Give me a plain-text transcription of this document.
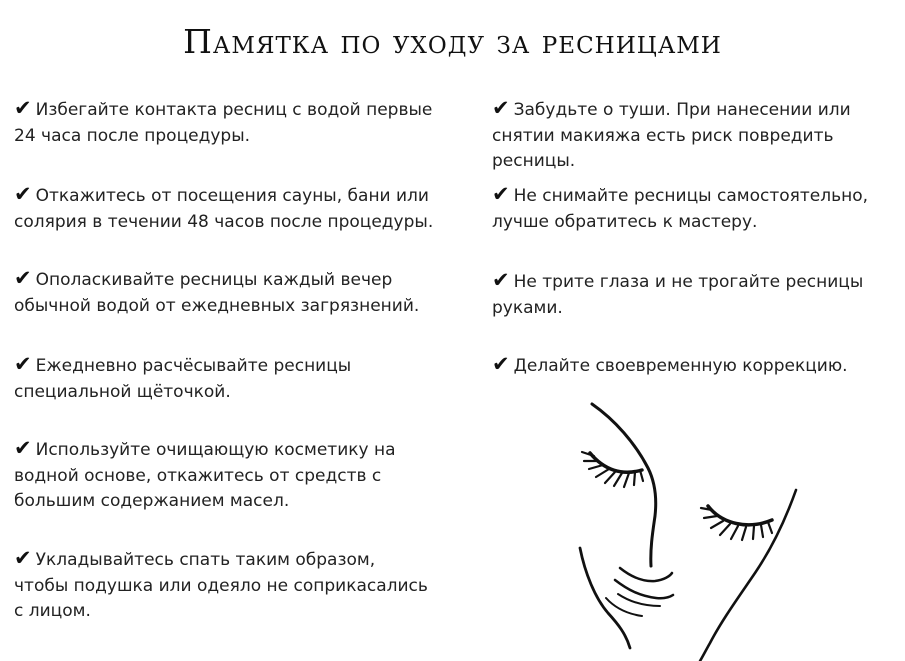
Памятка по уходу за ресницами
✔ Избегайте контакта ресниц с водой первые
24 часа после процедуры.
✔ Откажитесь от посещения сауны, бани или
солярия в течении 48 часов после процедуры.
✔ Ополаскивайте ресницы каждый вечер
обычной водой от ежедневных загрязнений.
✔ Ежедневно расчёсывайте ресницы
специальной щёточкой.
✔ Используйте очищающую косметику на
водной основе, откажитесь от средств с
большим содержанием масел.
✔ Укладывайтесь спать таким образом,
чтобы подушка или одеяло не соприкасались
с лицом.
✔ Забудьте о туши. При нанесении или
снятии макияжа есть риск повредить
ресницы.
✔ Не снимайте ресницы самостоятельно,
лучше обратитесь к мастеру.
✔ Не трите глаза и не трогайте ресницы
руками.
✔ Делайте своевременную коррекцию.
